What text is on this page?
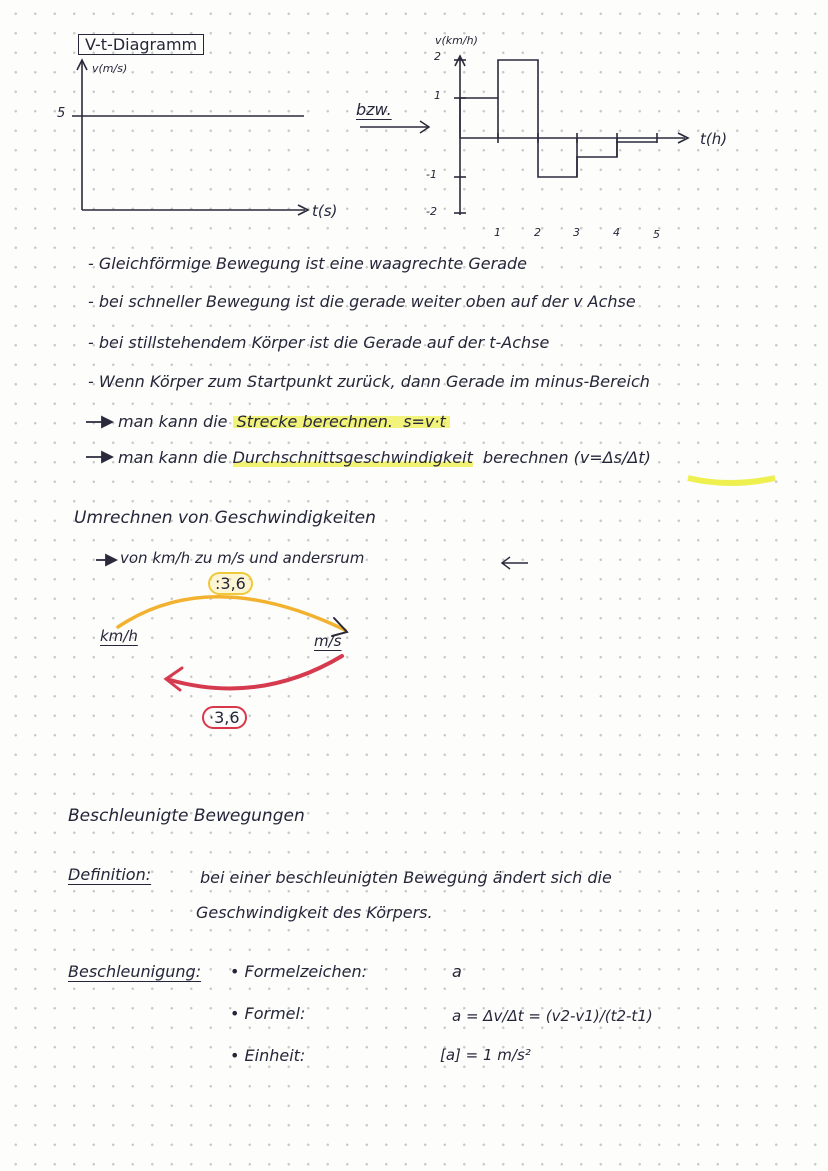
V-t-Diagramm
v(m/s)
5
t(s)
bzw.
v(km/h)
2
1
-1
-2
t(h)
1	2	3	4	5
- Gleichförmige Bewegung ist eine waagrechte Gerade
- bei schneller Bewegung ist die gerade weiter oben auf der v Achse
- bei stillstehendem Körper ist die Gerade auf der t-Achse
- Wenn Körper zum Startpunkt zurück, dann Gerade im minus-Bereich
man kann die Strecke berechnen. s=v·t
man kann die Durchschnittsgeschwindigkeit berechnen (v=Δs/Δt)
Umrechnen von Geschwindigkeiten
von km/h zu m/s und andersrum
:3,6
km/h	m/s
·3,6
Beschleunigte Bewegungen
Definition:	bei einer beschleunigten Bewegung ändert sich die
Geschwindigkeit des Körpers.
Beschleunigung: • Formelzeichen:	a
• Formel:	a = Δv/Δt = (v2-v1)/(t2-t1)
• Einheit:	[a] = 1 m/s²
